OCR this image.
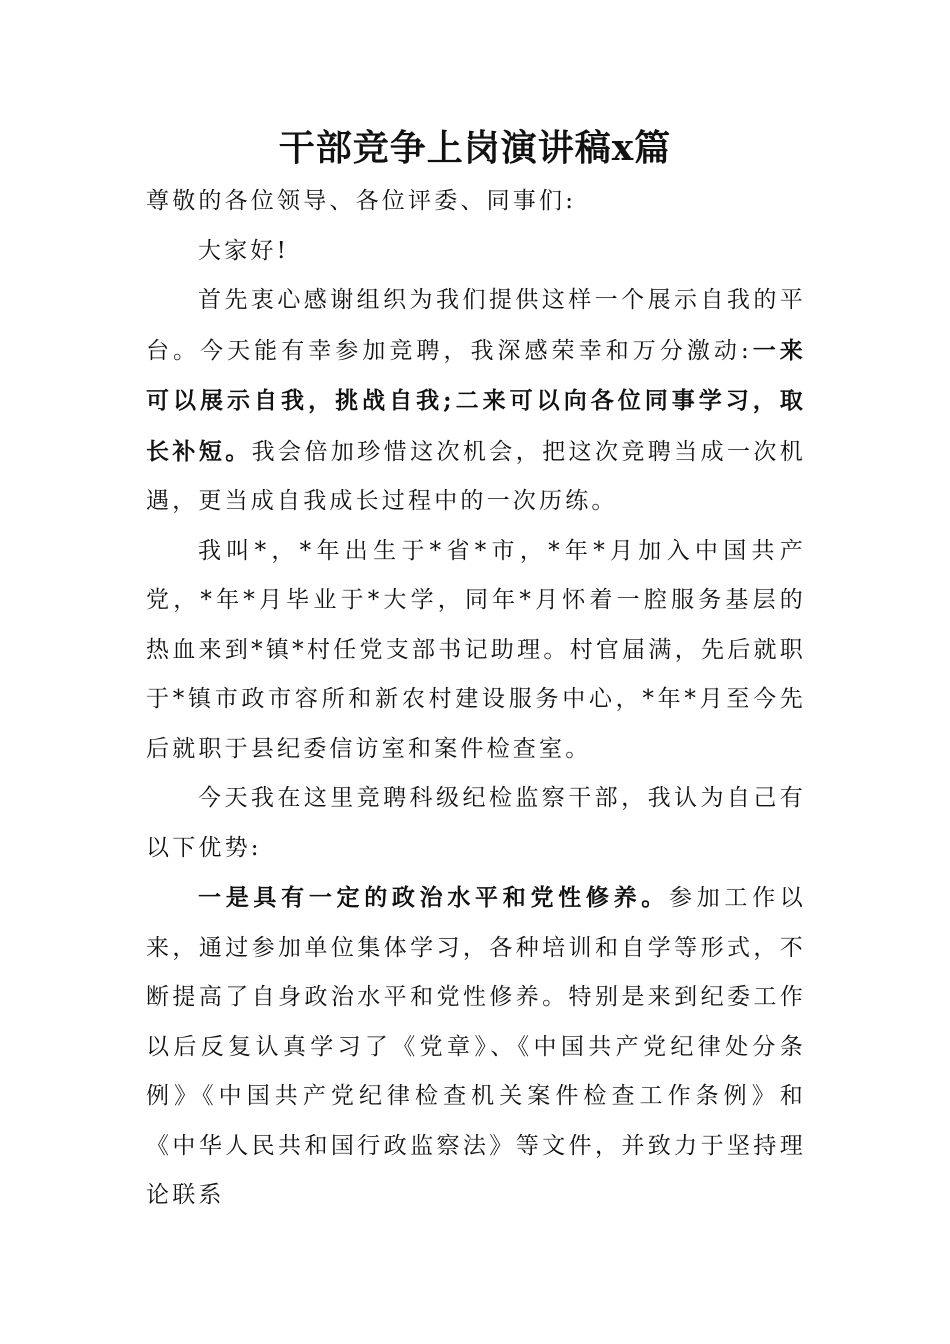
干部竞争上岗演讲稿x篇

尊敬的各位领导、各位评委、同事们:

大家好!

首先衷心感谢组织为我们提供这样一个展示自我的平台。今天能有幸参加竞聘，我深感荣幸和万分激动:一来可以展示自我，挑战自我;二来可以向各位同事学习，取长补短。我会倍加珍惜这次机会，把这次竞聘当成一次机遇，更当成自我成长过程中的一次历练。

我叫*，*年出生于*省*市，*年*月加入中国共产党，*年*月毕业于*大学，同年*月怀着一腔服务基层的热血来到*镇*村任党支部书记助理。村官届满，先后就职于*镇市政市容所和新农村建设服务中心，*年*月至今先后就职于县纪委信访室和案件检查室。

今天我在这里竞聘科级纪检监察干部，我认为自己有以下优势:

一是具有一定的政治水平和党性修养。参加工作以来，通过参加单位集体学习，各种培训和自学等形式，不断提高了自身政治水平和党性修养。特别是来到纪委工作以后反复认真学习了《党章》、《中国共产党纪律处分条例》《中国共产党纪律检查机关案件检查工作条例》和《中华人民共和国行政监察法》等文件，并致力于坚持理论联系
